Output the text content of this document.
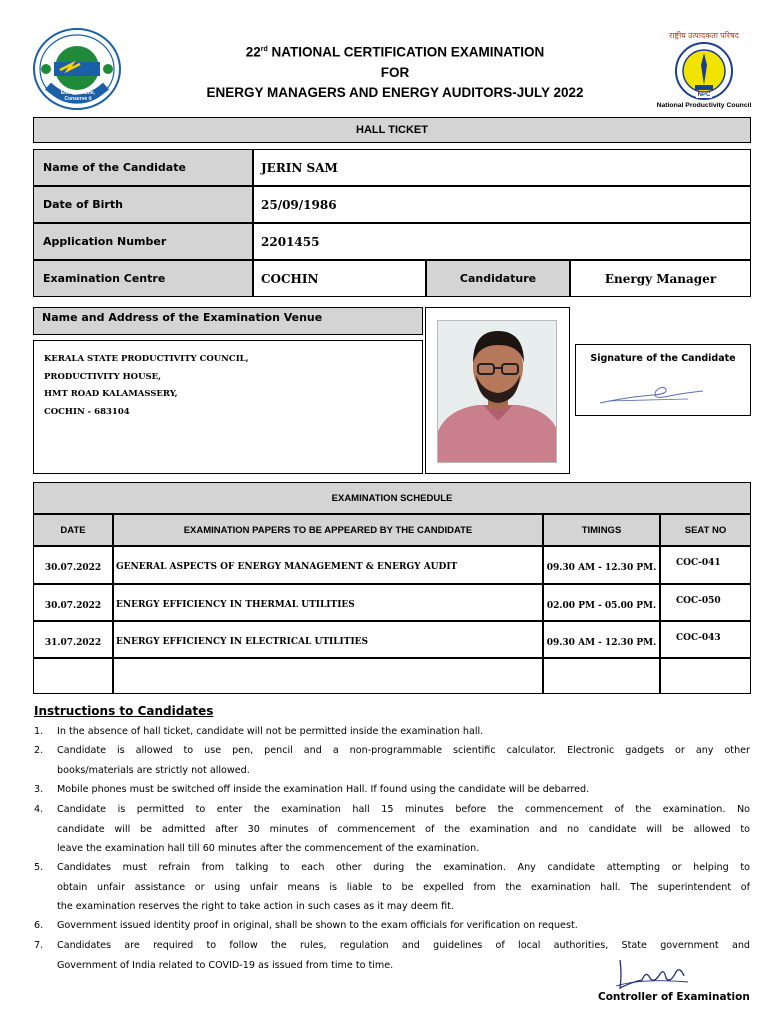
Energy is Life, Conserve it
22rd NATIONAL CERTIFICATION EXAMINATION
FOR
ENERGY MANAGERS AND ENERGY AUDITORS-JULY 2022
राष्ट्रीय उत्पादकता परिषद
NPC
National Productivity Council
HALL TICKET
Name of the Candidate	JERIN SAM
Date of Birth	25/09/1986
Application Number	2201455
Examination Centre	COCHIN	Candidature	Energy Manager
Name and Address of the Examination Venue
KERALA STATE PRODUCTIVITY COUNCIL,
PRODUCTIVITY HOUSE,
HMT ROAD KALAMASSERY,
COCHIN - 683104
Signature of the Candidate
EXAMINATION SCHEDULE
DATE	EXAMINATION PAPERS TO BE APPEARED BY THE CANDIDATE	TIMINGS	SEAT NO
30.07.2022 GENERAL ASPECTS OF ENERGY MANAGEMENT & ENERGY AUDIT	09.30 AM - 12.30 PM. COC-041
30.07.2022 ENERGY EFFICIENCY IN THERMAL UTILITIES	02.00 PM - 05.00 PM. COC-050
31.07.2022 ENERGY EFFICIENCY IN ELECTRICAL UTILITIES	09.30 AM - 12.30 PM. COC-043
Instructions to Candidates
1.	In the absence of hall ticket, candidate will not be permitted inside the examination hall.
2.	Candidate is allowed to use pen, pencil and a non-programmable scientific calculator. Electronic gadgets or any other
books/materials are strictly not allowed.
3.	Mobile phones must be switched off inside the examination Hall. If found using the candidate will be debarred.
4.	Candidate is permitted to enter the examination hall 15 minutes before the commencement of the examination. No
candidate will be admitted after 30 minutes of commencement of the examination and no candidate will be allowed to
leave the examination hall till 60 minutes after the commencement of the examination.
5.	Candidates must refrain from talking to each other during the examination. Any candidate attempting or helping to
obtain unfair assistance or using unfair means is liable to be expelled from the examination hall. The superintendent of
the examination reserves the right to take action in such cases as it may deem fit.
6.	Government issued identity proof in original, shall be shown to the exam officials for verification on request.
7.	Candidates are required to follow the rules, regulation and guidelines of local authorities, State government and
Government of India related to COVID-19 as issued from time to time.
Controller of Examination
